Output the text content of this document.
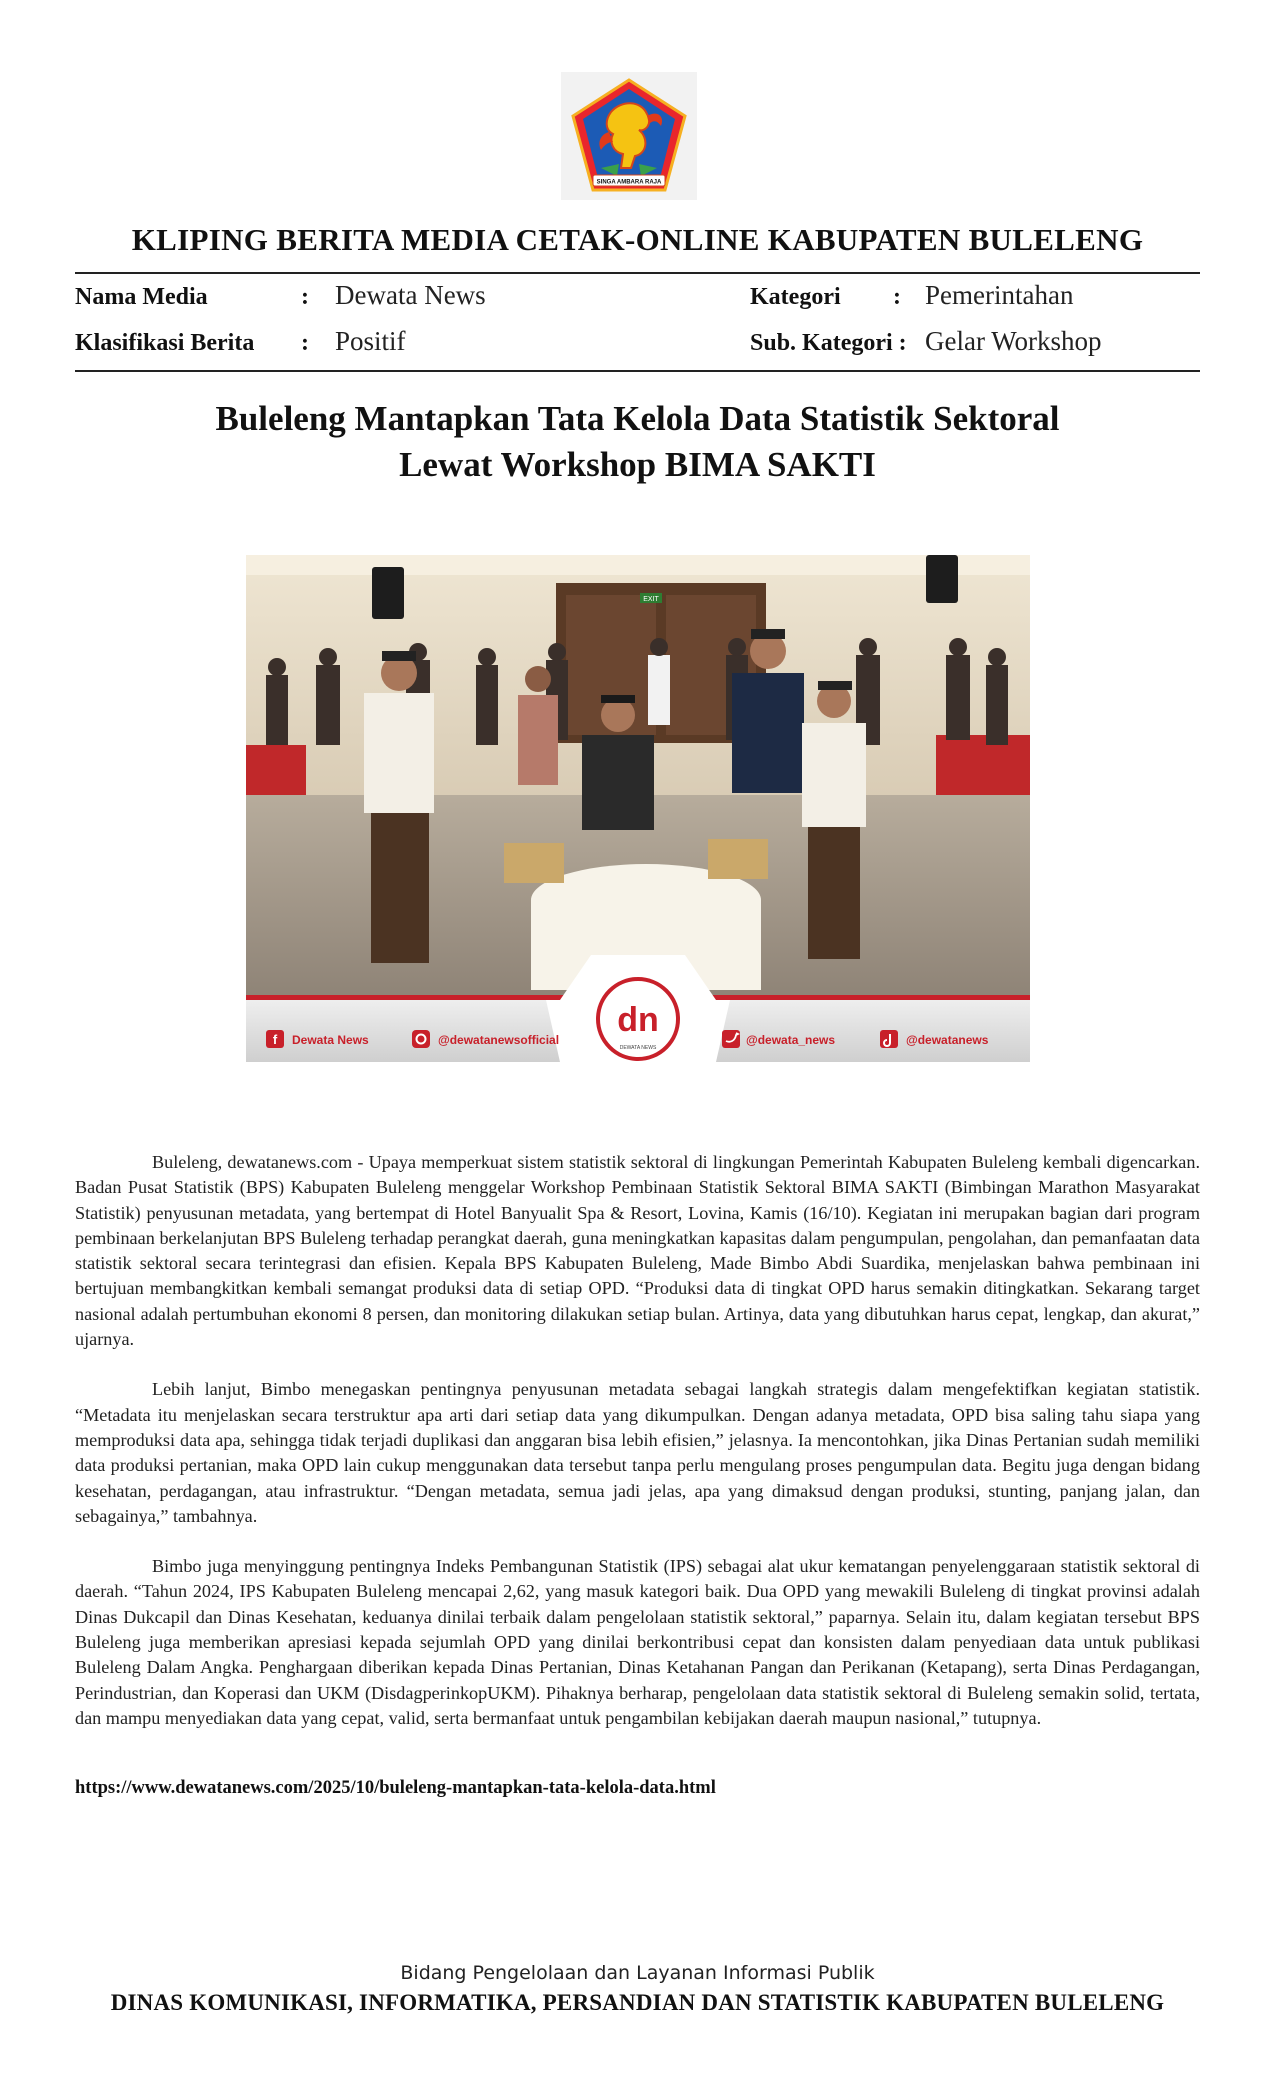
SINGA AMBARA RAJA
KLIPING BERITA MEDIA CETAK-ONLINE KABUPATEN BULELENG
Nama Media	: Dewata News	Kategori : Pemerintahan
Klasifikasi Berita : Positif	Sub. Kategori : Gelar Workshop
Buleleng Mantapkan Tata Kelola Data Statistik Sektoral
Lewat Workshop BIMA SAKTI
EXIT
dn
DEWATA NEWS
f Dewata News	@dewatanewsofficial	@dewata_news	@dewatanews

Buleleng, dewatanews.com - Upaya memperkuat sistem statistik sektoral di lingkungan Pemerintah Kabupaten Buleleng kembali digencarkan. Badan Pusat Statistik (BPS) Kabupaten Buleleng menggelar Workshop Pembinaan Statistik Sektoral BIMA SAKTI (Bimbingan Marathon Masyarakat Statistik) penyusunan metadata, yang bertempat di Hotel Banyualit Spa & Resort, Lovina, Kamis (16/10). Kegiatan ini merupakan bagian dari program pembinaan berkelanjutan BPS Buleleng terhadap perangkat daerah, guna meningkatkan kapasitas dalam pengumpulan, pengolahan, dan pemanfaatan data statistik sektoral secara terintegrasi dan efisien. Kepala BPS Kabupaten Buleleng, Made Bimbo Abdi Suardika, menjelaskan bahwa pembinaan ini bertujuan membangkitkan kembali semangat produksi data di setiap OPD. “Produksi data di tingkat OPD harus semakin ditingkatkan. Sekarang target nasional adalah pertumbuhan ekonomi 8 persen, dan monitoring dilakukan setiap bulan. Artinya, data yang dibutuhkan harus cepat, lengkap, dan akurat,” ujarnya.

Lebih lanjut, Bimbo menegaskan pentingnya penyusunan metadata sebagai langkah strategis dalam mengefektifkan kegiatan statistik. “Metadata itu menjelaskan secara terstruktur apa arti dari setiap data yang dikumpulkan. Dengan adanya metadata, OPD bisa saling tahu siapa yang memproduksi data apa, sehingga tidak terjadi duplikasi dan anggaran bisa lebih efisien,” jelasnya. Ia mencontohkan, jika Dinas Pertanian sudah memiliki data produksi pertanian, maka OPD lain cukup menggunakan data tersebut tanpa perlu mengulang proses pengumpulan data. Begitu juga dengan bidang kesehatan, perdagangan, atau infrastruktur. “Dengan metadata, semua jadi jelas, apa yang dimaksud dengan produksi, stunting, panjang jalan, dan sebagainya,” tambahnya.

Bimbo juga menyinggung pentingnya Indeks Pembangunan Statistik (IPS) sebagai alat ukur kematangan penyelenggaraan statistik sektoral di daerah. “Tahun 2024, IPS Kabupaten Buleleng mencapai 2,62, yang masuk kategori baik. Dua OPD yang mewakili Buleleng di tingkat provinsi adalah Dinas Dukcapil dan Dinas Kesehatan, keduanya dinilai terbaik dalam pengelolaan statistik sektoral,” paparnya. Selain itu, dalam kegiatan tersebut BPS Buleleng juga memberikan apresiasi kepada sejumlah OPD yang dinilai berkontribusi cepat dan konsisten dalam penyediaan data untuk publikasi Buleleng Dalam Angka. Penghargaan diberikan kepada Dinas Pertanian, Dinas Ketahanan Pangan dan Perikanan (Ketapang), serta Dinas Perdagangan, Perindustrian, dan Koperasi dan UKM (DisdagperinkopUKM). Pihaknya berharap, pengelolaan data statistik sektoral di Buleleng semakin solid, tertata, dan mampu menyediakan data yang cepat, valid, serta bermanfaat untuk pengambilan kebijakan daerah maupun nasional,” tutupnya.

https://www.dewatanews.com/2025/10/buleleng-mantapkan-tata-kelola-data.html
Bidang Pengelolaan dan Layanan Informasi Publik
DINAS KOMUNIKASI, INFORMATIKA, PERSANDIAN DAN STATISTIK KABUPATEN BULELENG
